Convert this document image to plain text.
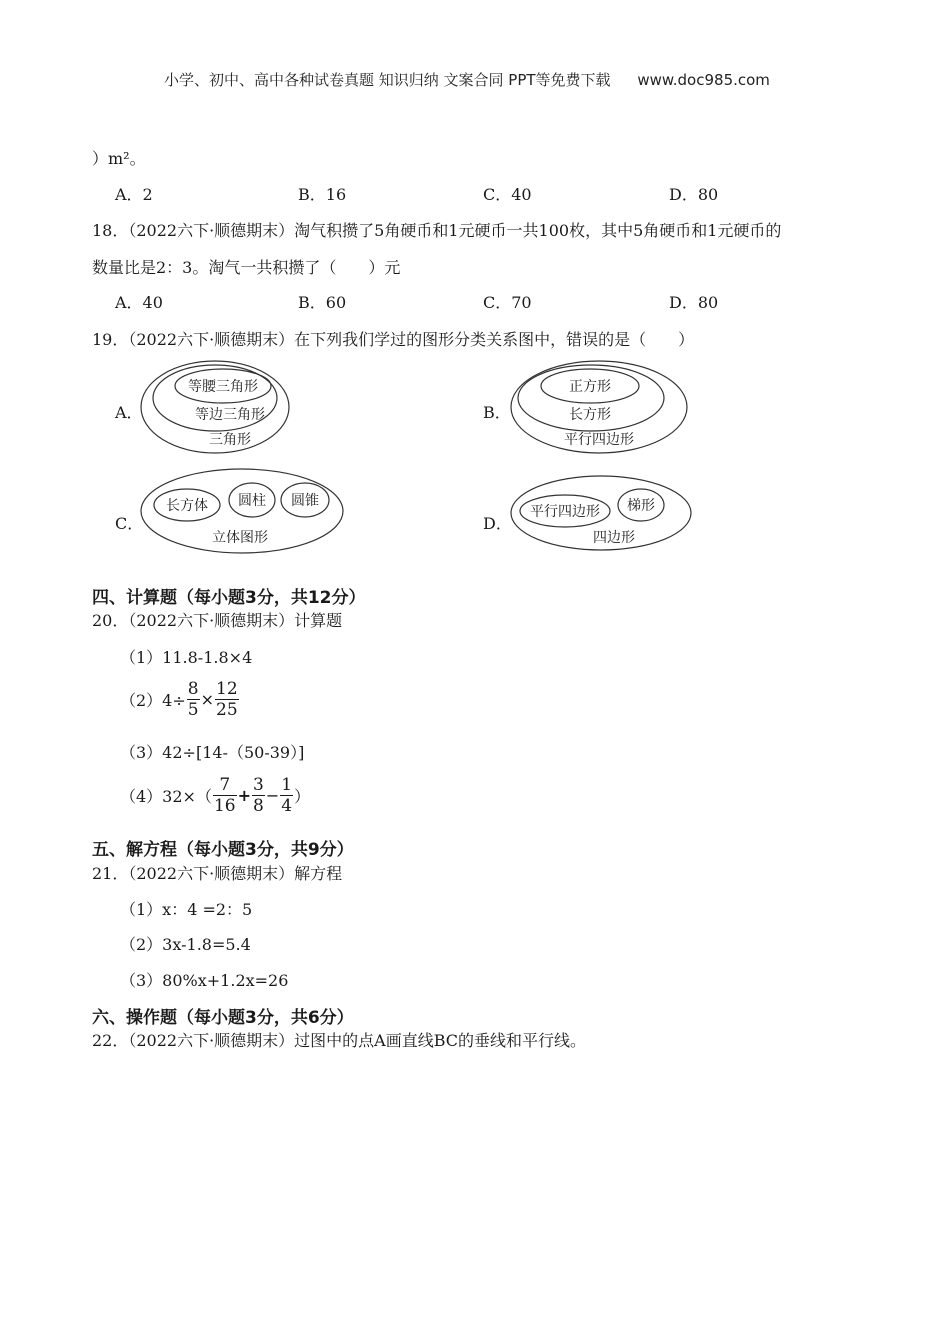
小学、初中、高中各种试卷真题 知识归纳 文案合同 PPT等免费下载 www.doc985.com
）m²。
A．2	B．16	C．40	D．80
18．（2022六下·顺德期末）淘气积攒了5角硬币和1元硬币一共100枚，其中5角硬币和1元硬币的
数量比是2：3。淘气一共积攒了（　　）元
A．40	B．60	C．70	D．80
19．（2022六下·顺德期末）在下列我们学过的图形分类关系图中，错误的是（　　）
A．
等腰三角形
等边三角形
三角形
B．
正方形
长方形
平行四边形
C．
长方体 圆柱 圆锥
立体图形
D．
平行四边形 梯形
四边形
四、计算题（每小题3分，共12分）
20．（2022六下·顺德期末）计算题
（1）11.8-1.8×4
$(2)4\div \frac{8}{5} \times \frac{12}{25}$
（3）42÷[14-（50-39）]
$(4)32\times( \frac{7}{16} + \frac{3}{8} - \frac{1}{4}$ ）
五、解方程（每小题3分，共9分）
21．（2022六下·顺德期末）解方程
（1）x：4 =2：5
（2）3x-1.8=5.4
（3）80%x+1.2x=26
六、操作题（每小题3分，共6分）
22．（2022六下·顺德期末）过图中的点A画直线BC的垂线和平行线。
